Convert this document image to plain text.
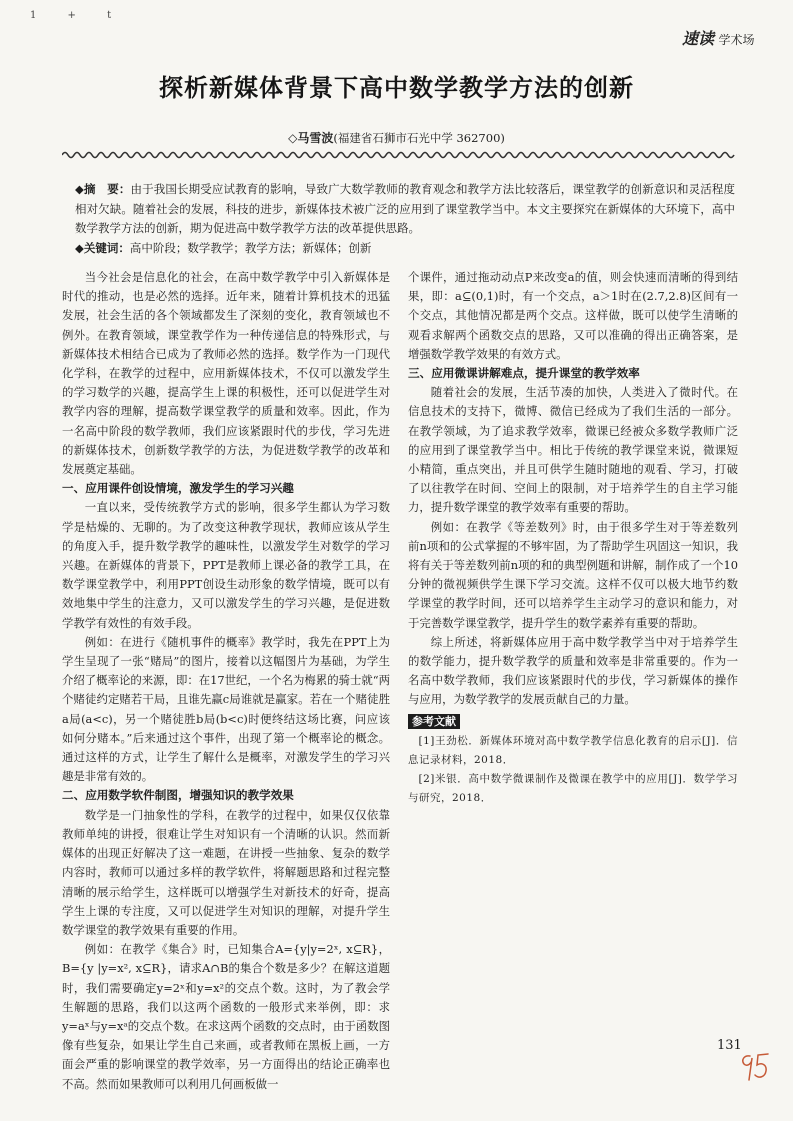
1 + t
速读 学术场
探析新媒体背景下高中数学教学方法的创新
◇马雪波(福建省石狮市石光中学 362700)
◆摘　要：由于我国长期受应试教育的影响，导致广大数学教师的教育观念和教学方法比较落后，课堂教学的创新意识和灵活程度相对欠缺。随着社会的发展，科技的进步，新媒体技术被广泛的应用到了课堂教学当中。本文主要探究在新媒体的大环境下，高中数学教学方法的创新，期为促进高中数学教学方法的改革提供思路。
◆关键词：高中阶段；数学教学；教学方法；新媒体；创新

当今社会是信息化的社会，在高中数学教学中引入新媒体是时代的推动，也是必然的选择。近年来，随着计算机技术的迅猛发展，社会生活的各个领域都发生了深刻的变化，教育领域也不例外。在教育领域，课堂教学作为一种传递信息的特殊形式，与新媒体技术相结合已成为了教师必然的选择。数学作为一门现代化学科，在教学的过程中，应用新媒体技术，不仅可以激发学生的学习数学的兴趣，提高学生上课的积极性，还可以促进学生对教学内容的理解，提高数学课堂教学的质量和效率。因此，作为一名高中阶段的数学教师，我们应该紧跟时代的步伐，学习先进的新媒体技术，创新数学教学的方法，为促进数学教学的改革和发展奠定基础。

一、应用课件创设情境，激发学生的学习兴趣

一直以来，受传统教学方式的影响，很多学生都认为学习数学是枯燥的、无聊的。为了改变这种教学现状，教师应该从学生的角度入手，提升数学教学的趣味性，以激发学生对数学的学习兴趣。在新媒体的背景下，PPT是教师上课必备的教学工具，在数学课堂教学中，利用PPT创设生动形象的数学情境，既可以有效地集中学生的注意力，又可以激发学生的学习兴趣，是促进数学教学有效性的有效手段。

例如：在进行《随机事件的概率》教学时，我先在PPT上为学生呈现了一张“赌局”的图片，接着以这幅图片为基础，为学生介绍了概率论的来源，即：在17世纪，一个名为梅累的骑士就“两个赌徒约定赌若干局，且谁先赢c局谁就是赢家。若在一个赌徒胜a局(a<c)，另一个赌徒胜b局(b<c)时便终结这场比赛，问应该如何分赌本。”后来通过这个事件，出现了第一个概率论的概念。通过这样的方式，让学生了解什么是概率，对激发学生的学习兴趣是非常有效的。

二、应用数学软件制图，增强知识的教学效果

数学是一门抽象性的学科，在教学的过程中，如果仅仅依靠教师单纯的讲授，很难让学生对知识有一个清晰的认识。然而新媒体的出现正好解决了这一难题，在讲授一些抽象、复杂的数学内容时，教师可以通过多样的教学软件，将解题思路和过程完整清晰的展示给学生，这样既可以增强学生对新技术的好奇，提高学生上课的专注度，又可以促进学生对知识的理解，对提升学生数学课堂的教学效果有重要的作用。

例如：在教学《集合》时，已知集合A={y|y=2ˣ, x⊆R}，B={y |y=x², x⊆R}，请求A∩B的集合个数是多少？在解这道题时，我们需要确定y=2ˣ和y=x²的交点个数。这时，为了教会学生解题的思路，我们以这两个函数的一般形式来举例，即：求y=aˣ与y=xᵃ的交点个数。在求这两个函数的交点时，由于函数图像有些复杂，如果让学生自己来画，或者教师在黑板上画，一方面会严重的影响课堂的教学效率，另一方面得出的结论正确率也不高。然而如果教师可以利用几何画板做一

个课件，通过拖动动点P来改变a的值，则会快速而清晰的得到结果，即：a⊆(0,1)时，有一个交点，a＞1时在(2.7,2.8)区间有一个交点，其他情况都是两个交点。这样做，既可以使学生清晰的观看求解两个函数交点的思路，又可以准确的得出正确答案，是增强数学教学效果的有效方式。

三、应用微课讲解难点，提升课堂的教学效率

随着社会的发展，生活节凑的加快，人类进入了微时代。在信息技术的支持下，微博、微信已经成为了我们生活的一部分。在教学领域，为了追求教学效率，微课已经被众多数学教师广泛的应用到了课堂教学当中。相比于传统的教学课堂来说，微课短小精简，重点突出，并且可供学生随时随地的观看、学习，打破了以往教学在时间、空间上的限制，对于培养学生的自主学习能力，提升数学课堂的教学效率有重要的帮助。

例如：在教学《等差数列》时，由于很多学生对于等差数列前n项和的公式掌握的不够牢固，为了帮助学生巩固这一知识，我将有关于等差数列前n项的和的典型例题和讲解，制作成了一个10分钟的微视频供学生课下学习交流。这样不仅可以极大地节约数学课堂的教学时间，还可以培养学生主动学习的意识和能力，对于完善数学课堂教学，提升学生的数学素养有重要的帮助。

综上所述，将新媒体应用于高中数学教学当中对于培养学生的数学能力，提升数学教学的质量和效率是非常重要的。作为一名高中数学教师，我们应该紧跟时代的步伐，学习新媒体的操作与应用，为数学教学的发展贡献自己的力量。

参考文献

[1]王劲松．新媒体环境对高中数学教学信息化教育的启示[J]．信息记录材料，2018．

[2]米银．高中数学微课制作及微课在教学中的应用[J]．数学学习与研究，2018．

131
